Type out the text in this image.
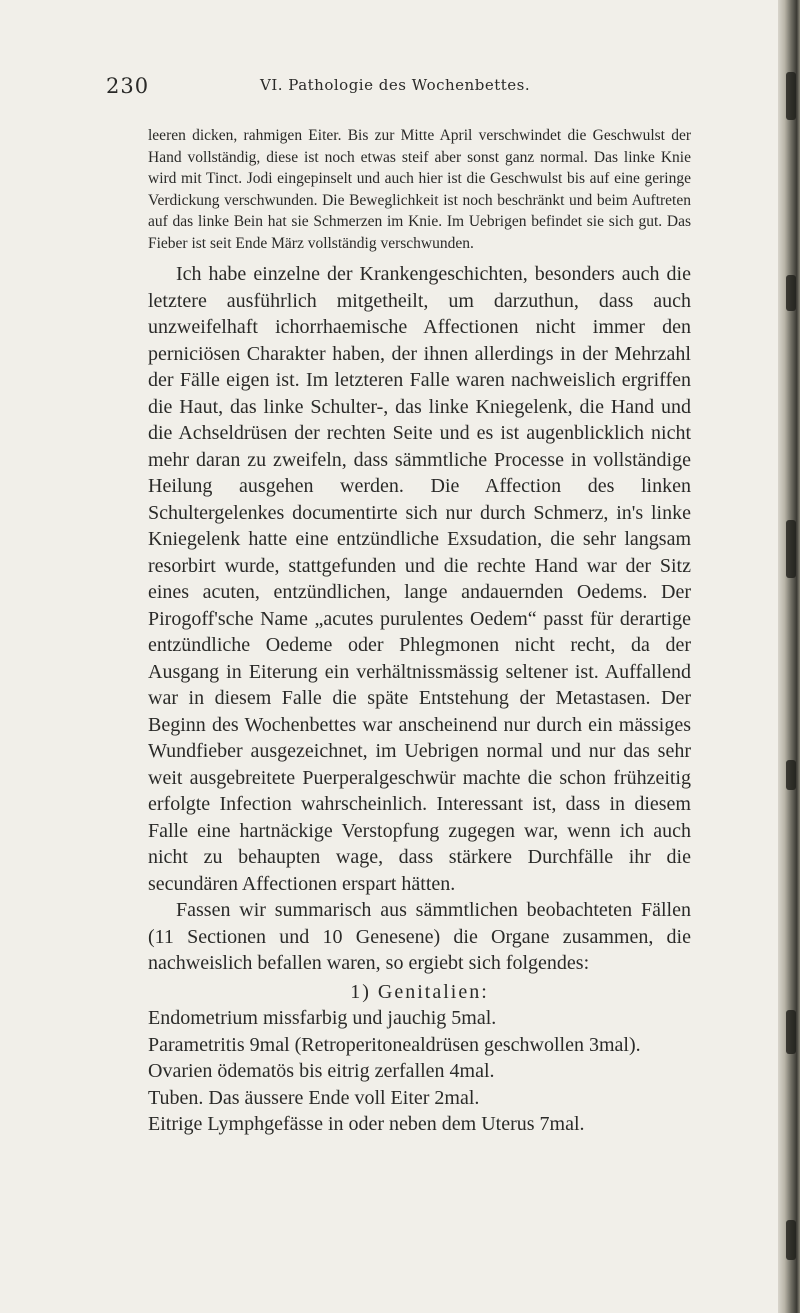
230	VI. Pathologie des Wochenbettes.
leeren dicken, rahmigen Eiter. Bis zur Mitte April verschwindet die Geschwulst der Hand vollständig, diese ist noch etwas steif aber sonst ganz normal. Das linke Knie wird mit Tinct. Jodi eingepinselt und auch hier ist die Geschwulst bis auf eine geringe Verdickung verschwunden. Die Beweglichkeit ist noch beschränkt und beim Auftreten auf das linke Bein hat sie Schmerzen im Knie. Im Uebrigen befindet sie sich gut. Das Fieber ist seit Ende März vollständig verschwunden.

Ich habe einzelne der Krankengeschichten, besonders auch die letztere ausführlich mitgetheilt, um darzuthun, dass auch unzweifelhaft ichorrhaemische Affectionen nicht immer den perniciösen Charakter haben, der ihnen allerdings in der Mehrzahl der Fälle eigen ist. Im letzteren Falle waren nachweislich ergriffen die Haut, das linke Schulter-, das linke Kniegelenk, die Hand und die Achseldrüsen der rechten Seite und es ist augenblicklich nicht mehr daran zu zweifeln, dass sämmtliche Processe in vollständige Heilung ausgehen werden. Die Affection des linken Schultergelenkes documentirte sich nur durch Schmerz, in's linke Kniegelenk hatte eine entzündliche Exsudation, die sehr langsam resorbirt wurde, stattgefunden und die rechte Hand war der Sitz eines acuten, entzündlichen, lange andauernden Oedems. Der Pirogoff'sche Name „acutes purulentes Oedem“ passt für derartige entzündliche Oedeme oder Phlegmonen nicht recht, da der Ausgang in Eiterung ein verhältnissmässig seltener ist. Auffallend war in diesem Falle die späte Entstehung der Metastasen. Der Beginn des Wochenbettes war anscheinend nur durch ein mässiges Wundfieber ausgezeichnet, im Uebrigen normal und nur das sehr weit ausgebreitete Puerperalgeschwür machte die schon frühzeitig erfolgte Infection wahrscheinlich. Interessant ist, dass in diesem Falle eine hartnäckige Verstopfung zugegen war, wenn ich auch nicht zu behaupten wage, dass stärkere Durchfälle ihr die secundären Affectionen erspart hätten.

Fassen wir summarisch aus sämmtlichen beobachteten Fällen (11 Sectionen und 10 Genesene) die Organe zusammen, die nachweislich befallen waren, so ergiebt sich folgendes:

1) Genitalien:

Endometrium missfarbig und jauchig 5mal.

Parametritis 9mal (Retroperitonealdrüsen geschwollen 3mal).

Ovarien ödematös bis eitrig zerfallen 4mal.

Tuben. Das äussere Ende voll Eiter 2mal.

Eitrige Lymphgefässe in oder neben dem Uterus 7mal.
